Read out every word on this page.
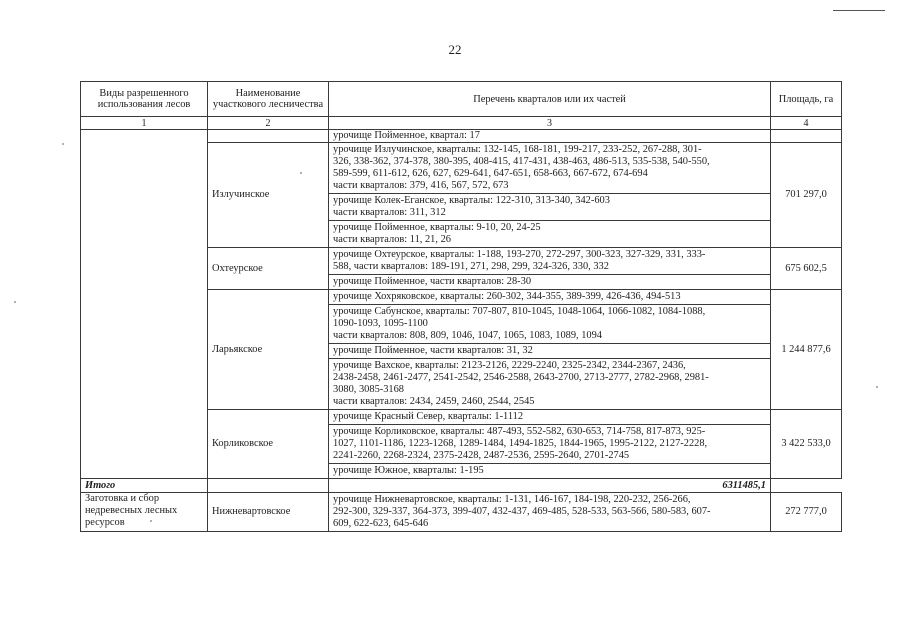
22
Виды разрешенного использования лесов	Наименование участкового лесничества	Перечень кварталов или их частей	Площадь, га
1	2	3	4

		урочище Пойменное, квартал: 17	

	Излучинское	урочище Излучинское, кварталы: 132-145, 168-181, 199-217, 233-252, 267-288, 301-
326, 338-362, 374-378, 380-395, 408-415, 417-431, 438-463, 486-513, 535-538, 540-550,
589-599, 611-612, 626, 627, 629-641, 647-651, 658-663, 667-672, 674-694
части кварталов: 379, 416, 567, 572, 673	701 297,0

		урочище Колек-Еганское, кварталы: 122-310, 313-340, 342-603
части кварталов: 311, 312	

		урочище Пойменное, кварталы: 9-10, 20, 24-25
части кварталов: 11, 21, 26	

	Охтеурское	урочище Охтеурское, кварталы: 1-188, 193-270, 272-297, 300-323, 327-329, 331, 333-
588, части кварталов: 189-191, 271, 298, 299, 324-326, 330, 332	675 602,5

		урочище Пойменное, части кварталов: 28-30	

	Ларьякское	урочище Хохряковское, кварталы: 260-302, 344-355, 389-399, 426-436, 494-513	1 244 877,6

		урочище Сабунское, кварталы: 707-807, 810-1045, 1048-1064, 1066-1082, 1084-1088,
1090-1093, 1095-1100
части кварталов: 808, 809, 1046, 1047, 1065, 1083, 1089, 1094	

		урочище Пойменное, части кварталов: 31, 32	

		урочище Вахское, кварталы: 2123-2126, 2229-2240, 2325-2342, 2344-2367, 2436,
2438-2458, 2461-2477, 2541-2542, 2546-2588, 2643-2700, 2713-2777, 2782-2968, 2981-
3080, 3085-3168
части кварталов: 2434, 2459, 2460, 2544, 2545	

	Корликовское	урочище Красный Север, кварталы: 1-1112	3 422 533,0

		урочище Корликовское, кварталы: 487-493, 552-582, 630-653, 714-758, 817-873, 925-
1027, 1101-1186, 1223-1268, 1289-1484, 1494-1825, 1844-1965, 1995-2122, 2127-2228,
2241-2260, 2268-2324, 2375-2428, 2487-2536, 2595-2640, 2701-2745	

		урочище Южное, кварталы: 1-195	

Итого		6311485,1	
Заготовка и сбор недревесных лесных ресурсов	Нижневартовское	урочище Нижневартовское, кварталы: 1-131, 146-167, 184-198, 220-232, 256-266,
292-300, 329-337, 364-373, 399-407, 432-437, 469-485, 528-533, 563-566, 580-583, 607-
609, 622-623, 645-646	272 777,0
